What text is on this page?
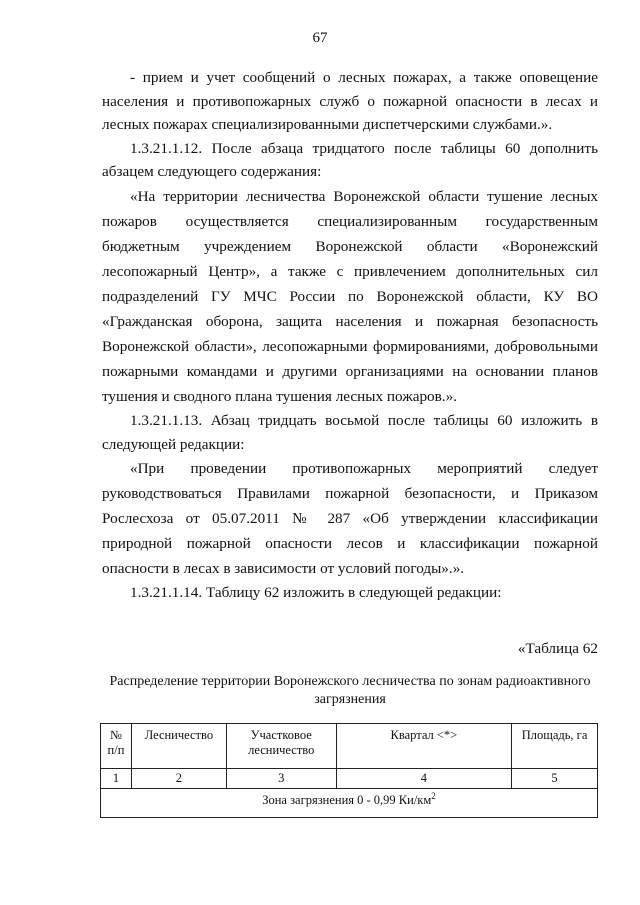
67

- прием и учет сообщений о лесных пожарах, а также оповещение населения и противопожарных служб о пожарной опасности в лесах и лесных пожарах специализированными диспетчерскими службами.».

1.3.21.1.12. После абзаца тридцатого после таблицы 60 дополнить абзацем следующего содержания:

«На территории лесничества Воронежской области тушение лесных пожаров осуществляется специализированным государственным бюджетным учреждением Воронежской области «Воронежский лесопожарный Центр», а также с привлечением дополнительных сил подразделений ГУ МЧС России по Воронежской области, КУ ВО «Гражданская оборона, защита населения и пожарная безопасность Воронежской области», лесопожарными формированиями, добровольными пожарными командами и другими организациями на основании планов тушения и сводного плана тушения лесных пожаров.».

1.3.21.1.13. Абзац тридцать восьмой после таблицы 60 изложить в следующей редакции:

«При проведении противопожарных мероприятий следует руководствоваться Правилами пожарной безопасности, и Приказом Рослесхоза от 05.07.2011 № 287 «Об утверждении классификации природной пожарной опасности лесов и классификации пожарной опасности в лесах в зависимости от условий погоды».».

1.3.21.1.14. Таблицу 62 изложить в следующей редакции:

«Таблица 62
Распределение территории Воронежского лесничества по зонам радиоактивного загрязнения
№ п/п	Лесничество	Участковое лесничество	Квартал <*>	Площадь, га
1	2	3	4	5
Зона загрязнения 0 - 0,99 $Ки/км^2$
